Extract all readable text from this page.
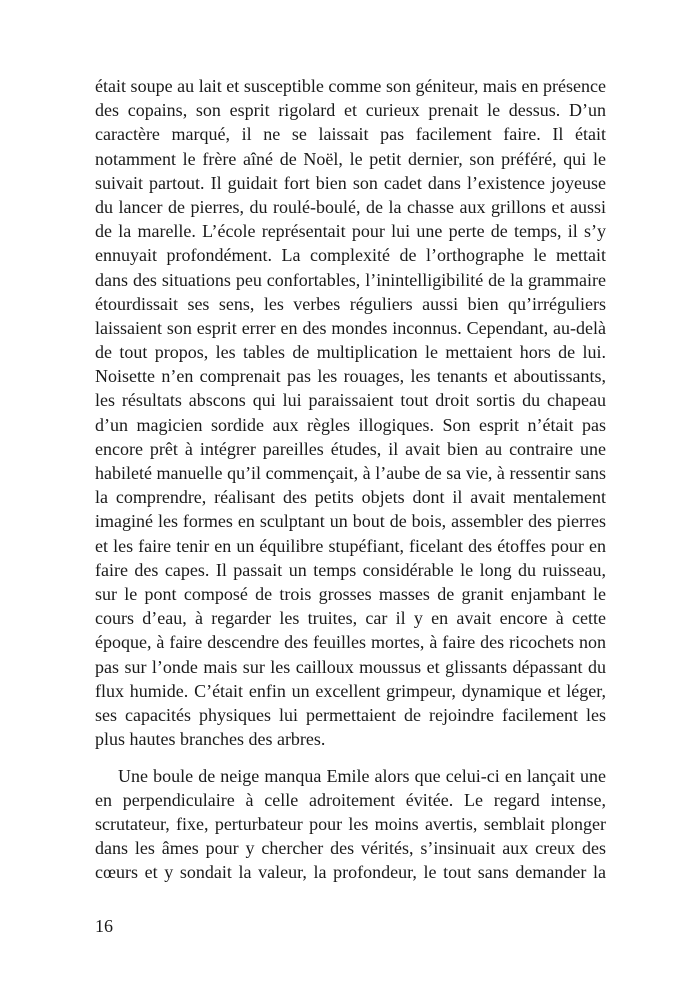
était soupe au lait et susceptible comme son géniteur, mais en présence
des copains, son esprit rigolard et curieux prenait le dessus. D’un
caractère marqué, il ne se laissait pas facilement faire. Il était
notamment le frère aîné de Noël, le petit dernier, son préféré, qui le
suivait partout. Il guidait fort bien son cadet dans l’existence joyeuse
du lancer de pierres, du roulé-boulé, de la chasse aux grillons et aussi
de la marelle. L’école représentait pour lui une perte de temps, il s’y
ennuyait profondément. La complexité de l’orthographe le mettait
dans des situations peu confortables, l’inintelligibilité de la grammaire
étourdissait ses sens, les verbes réguliers aussi bien qu’irréguliers
laissaient son esprit errer en des mondes inconnus. Cependant, au-delà
de tout propos, les tables de multiplication le mettaient hors de lui.
Noisette n’en comprenait pas les rouages, les tenants et aboutissants,
les résultats abscons qui lui paraissaient tout droit sortis du chapeau
d’un magicien sordide aux règles illogiques. Son esprit n’était pas
encore prêt à intégrer pareilles études, il avait bien au contraire une
habileté manuelle qu’il commençait, à l’aube de sa vie, à ressentir sans
la comprendre, réalisant des petits objets dont il avait mentalement
imaginé les formes en sculptant un bout de bois, assembler des pierres
et les faire tenir en un équilibre stupéfiant, ficelant des étoffes pour en
faire des capes. Il passait un temps considérable le long du ruisseau,
sur le pont composé de trois grosses masses de granit enjambant le
cours d’eau, à regarder les truites, car il y en avait encore à cette
époque, à faire descendre des feuilles mortes, à faire des ricochets non
pas sur l’onde mais sur les cailloux moussus et glissants dépassant du
flux humide. C’était enfin un excellent grimpeur, dynamique et léger,
ses capacités physiques lui permettaient de rejoindre facilement les
plus hautes branches des arbres.
Une boule de neige manqua Emile alors que celui-ci en lançait une
en perpendiculaire à celle adroitement évitée. Le regard intense,
scrutateur, fixe, perturbateur pour les moins avertis, semblait plonger
dans les âmes pour y chercher des vérités, s’insinuait aux creux des
cœurs et y sondait la valeur, la profondeur, le tout sans demander la
16
